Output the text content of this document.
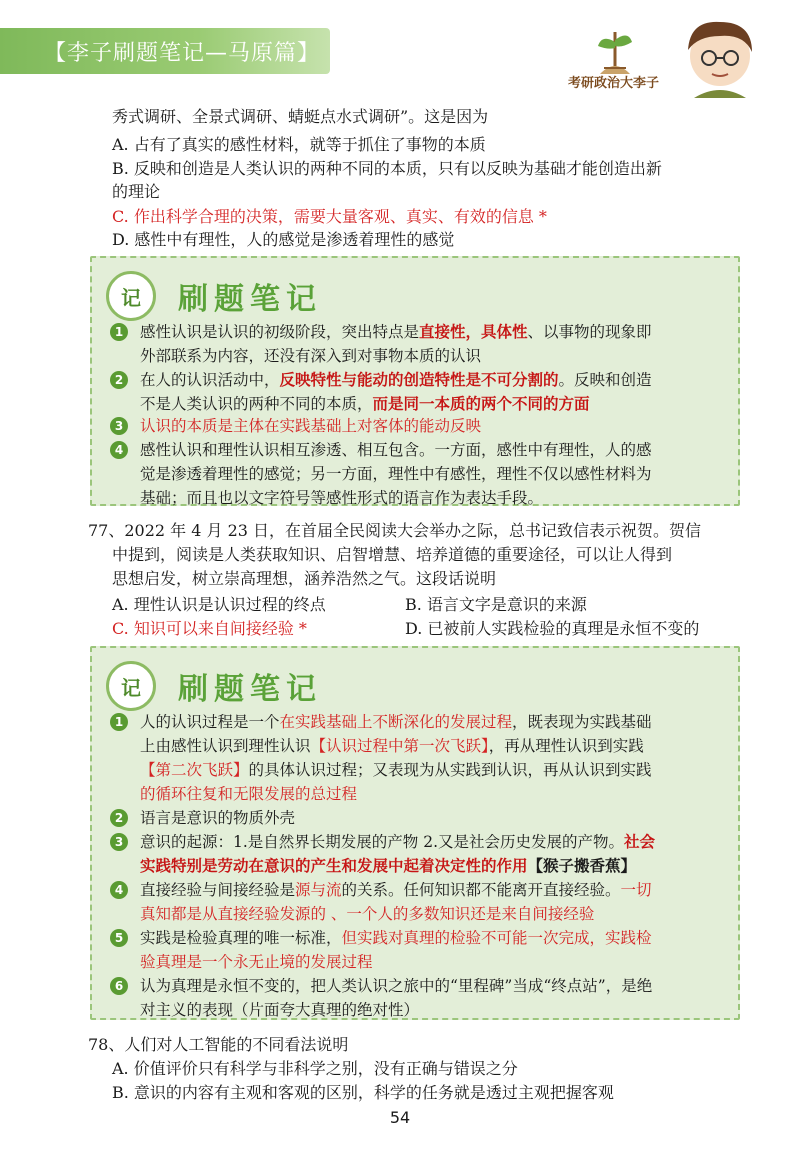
【李子刷题笔记—马原篇】
考研政治大李子
秀式调研、全景式调研、蜻蜓点水式调研”。这是因为
A. 占有了真实的感性材料，就等于抓住了事物的本质
B. 反映和创造是人类认识的两种不同的本质，只有以反映为基础才能创造出新
的理论
C. 作出科学合理的决策，需要大量客观、真实、有效的信息 *
D. 感性中有理性，人的感觉是渗透着理性的感觉
记	刷题笔记
1	感性认识是认识的初级阶段，突出特点是直接性，具体性、以事物的现象即
外部联系为内容，还没有深入到对事物本质的认识
2	在人的认识活动中，反映特性与能动的创造特性是不可分割的。反映和创造
不是人类认识的两种不同的本质，而是同一本质的两个不同的方面
3	认识的本质是主体在实践基础上对客体的能动反映
4	感性认识和理性认识相互渗透、相互包含。一方面，感性中有理性，人的感
觉是渗透着理性的感觉；另一方面，理性中有感性，理性不仅以感性材料为
基础；而且也以文字符号等感性形式的语言作为表达手段。
77、2022 年 4 月 23 日，在首届全民阅读大会举办之际，总书记致信表示祝贺。贺信
中提到，阅读是人类获取知识、启智增慧、培养道德的重要途径，可以让人得到
思想启发，树立崇高理想，涵养浩然之气。这段话说明
A. 理性认识是认识过程的终点	B. 语言文字是意识的来源
C. 知识可以来自间接经验 *	D. 已被前人实践检验的真理是永恒不变的
记	刷题笔记
1	人的认识过程是一个在实践基础上不断深化的发展过程，既表现为实践基础
上由感性认识到理性认识【认识过程中第一次飞跃】，再从理性认识到实践
【第二次飞跃】的具体认识过程；又表现为从实践到认识，再从认识到实践
的循环往复和无限发展的总过程
2	语言是意识的物质外壳
3	意识的起源：1.是自然界长期发展的产物 2.又是社会历史发展的产物。社会
实践特别是劳动在意识的产生和发展中起着决定性的作用【猴子搬香蕉】
4	直接经验与间接经验是源与流的关系。任何知识都不能离开直接经验。一切
真知都是从直接经验发源的 、一个人的多数知识还是来自间接经验
5	实践是检验真理的唯一标准，但实践对真理的检验不可能一次完成，实践检
验真理是一个永无止境的发展过程
6	认为真理是永恒不变的，把人类认识之旅中的“里程碑”当成“终点站”，是绝
对主义的表现（片面夸大真理的绝对性）
78、人们对人工智能的不同看法说明
A. 价值评价只有科学与非科学之别，没有正确与错误之分
B. 意识的内容有主观和客观的区别，科学的任务就是透过主观把握客观
54
